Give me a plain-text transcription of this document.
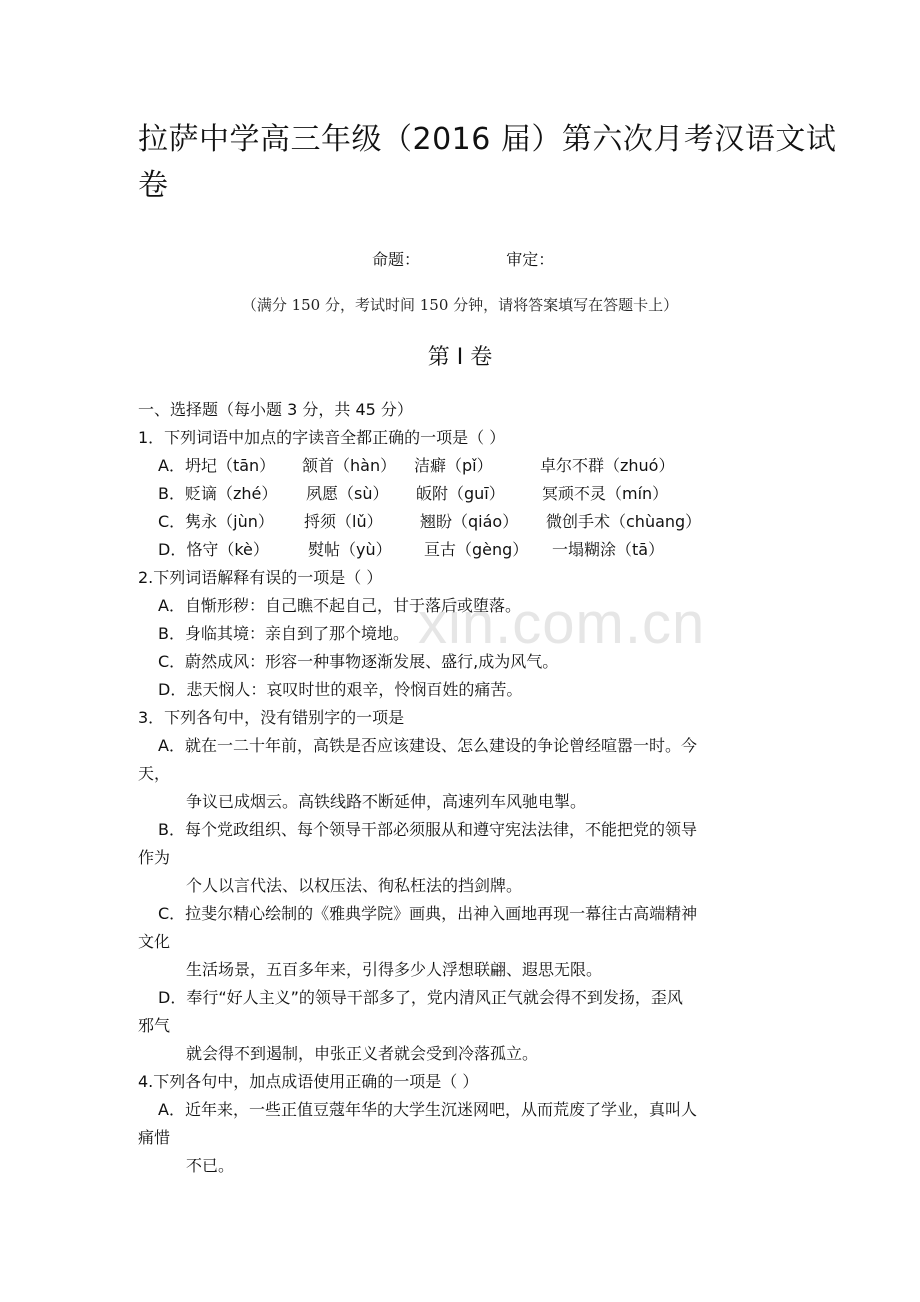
xin.com.cn
拉萨中学高三年级（2016 届）第六次月考汉语文试
卷
命题：	审定：
（满分 150 分，考试时间 150 分钟，请将答案填写在答题卡上）
第 I 卷
一、选择题（每小题 3 分，共 45 分）
1．下列词语中加点的字读音全都正确的一项是（ ）
A．坍圮（tān） 颔首（hàn） 洁癖（pǐ）	卓尔不群（zhuó）
B．贬谪（zhé） 夙愿（sù） 皈附（guī） 冥顽不灵（mín）
C．隽永（jùn） 捋须（lǔ） 翘盼（qiáo） 微创手术（chùang）
D．恪守（kè） 熨帖（yù） 亘古（gèng） 一塌糊涂（tā）
2.下列词语解释有误的一项是（ ）
A．自惭形秽：自己瞧不起自己，甘于落后或堕落。
B．身临其境：亲自到了那个境地。
C．蔚然成风：形容一种事物逐渐发展、盛行,成为风气。
D．悲天悯人：哀叹时世的艰辛，怜悯百姓的痛苦。
3．下列各句中，没有错别字的一项是
A．就在一二十年前，高铁是否应该建设、怎么建设的争论曾经喧嚣一时。今
天，
争议已成烟云。高铁线路不断延伸，高速列车风驰电掣。
B．每个党政组织、每个领导干部必须服从和遵守宪法法律，不能把党的领导
作为
个人以言代法、以权压法、徇私枉法的挡剑牌。
C．拉斐尔精心绘制的《雅典学院》画典，出神入画地再现一幕往古高端精神
文化
生活场景，五百多年来，引得多少人浮想联翩、遐思无限。
D．奉行“好人主义”的领导干部多了，党内清风正气就会得不到发扬，歪风
邪气
就会得不到遏制，申张正义者就会受到冷落孤立。
4.下列各句中，加点成语使用正确的一项是（ ）
A．近年来，一些正值豆蔻年华的大学生沉迷网吧，从而荒废了学业，真叫人
痛惜
不已。
